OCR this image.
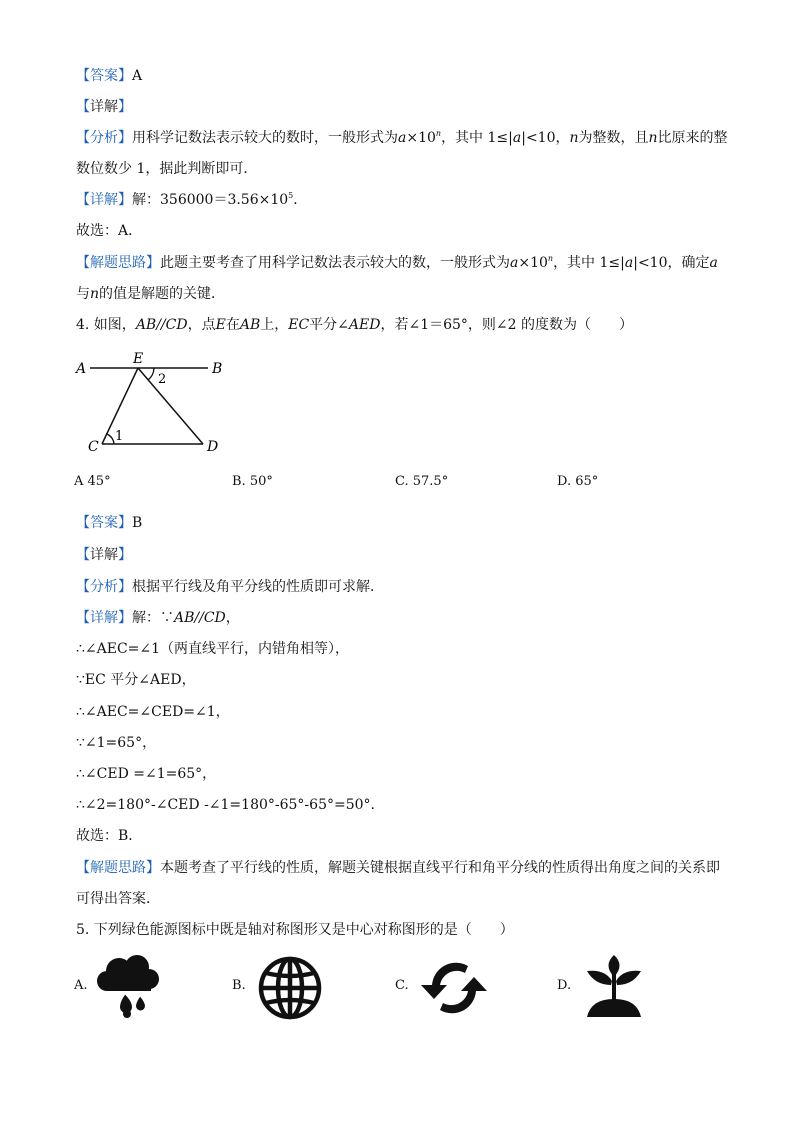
【答案】A
【详解】
【分析】用科学记数法表示较大的数时，一般形式为$a\times 10^n$，其中 1≤|a|<10，n为整数，且n比原来的整
数位数少 1，据此判断即可．
【详解】解：$356000=3.56\times 10^5$．
故选：A．
【解题思路】此题主要考查了用科学记数法表示较大的数，一般形式为$a\times 10^n$，其中 1≤|a|<10，确定a
与n的值是解题的关键．
4. 如图，AB//CD，点E在AB上，EC平分∠AED，若∠1＝65°，则∠2 的度数为（　　）
A
E
B
C	D
1
2
A 45°	B. 50°	C. 57.5°	D. 65°
【答案】B
【详解】
【分析】根据平行线及角平分线的性质即可求解．
【详解】解：∵AB//CD，
∴∠AEC=∠1（两直线平行，内错角相等），
∵EC 平分∠AED，
∴∠AEC=∠CED=∠1，
∵∠1=65°，
∴∠CED =∠1=65°，
∴∠2=180°-∠CED -∠1=180°-65°-65°=50°.
故选：B．
【解题思路】本题考查了平行线的性质，解题关键根据直线平行和角平分线的性质得出角度之间的关系即
可得出答案．
5. 下列绿色能源图标中既是轴对称图形又是中心对称图形的是（　　）
A.	B.	C.	D.
